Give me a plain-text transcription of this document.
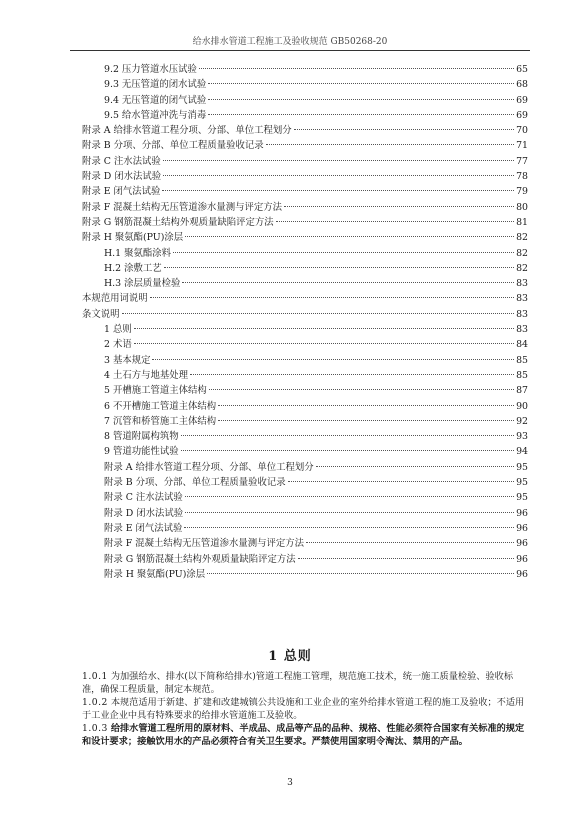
给水排水管道工程施工及验收规范 GB50268-20
9.2 压力管道水压试验	65
9.3 无压管道的闭水试验	68
9.4 无压管道的闭气试验	69
9.5 给水管道冲洗与消毒	69
附录 A 给排水管道工程分项、分部、单位工程划分	70
附录 B 分项、分部、单位工程质量验收记录	71
附录 C 注水法试验	77
附录 D 闭水法试验	78
附录 E 闭气法试验	79
附录 F 混凝土结构无压管道渗水量测与评定方法	80
附录 G 钢筋混凝土结构外观质量缺陷评定方法	81
附录 H 聚氨酯(PU)涂层	82
H.1 聚氨酯涂料	82
H.2 涂敷工艺	82
H.3 涂层质量检验	83
本规范用词说明	83
条文说明	83
1 总则	83
2 术语	84
3 基本规定	85
4 土石方与地基处理	85
5 开槽施工管道主体结构	87
6 不开槽施工管道主体结构	90
7 沉管和桥管施工主体结构	92
8 管道附属构筑物	93
9 管道功能性试验	94
附录 A 给排水管道工程分项、分部、单位工程划分	95
附录 B 分项、分部、单位工程质量验收记录	95
附录 C 注水法试验	95
附录 D 闭水法试验	96
附录 E 闭气法试验	96
附录 F 混凝土结构无压管道渗水量测与评定方法	96
附录 G 钢筋混凝土结构外观质量缺陷评定方法	96
附录 H 聚氨酯(PU)涂层	96
1 总则

1.0.1 为加强给水、排水(以下简称给排水)管道工程施工管理，规范施工技术，统一施工质量检验、验收标准，确保工程质量，制定本规范。

1.0.2 本规范适用于新建、扩建和改建城镇公共设施和工业企业的室外给排水管道工程的施工及验收；不适用于工业企业中具有特殊要求的给排水管道施工及验收。

1.0.3 给排水管道工程所用的原材料、半成品、成品等产品的品种、规格、性能必须符合国家有关标准的规定和设计要求；接触饮用水的产品必须符合有关卫生要求。严禁使用国家明令淘汰、禁用的产品。

3
